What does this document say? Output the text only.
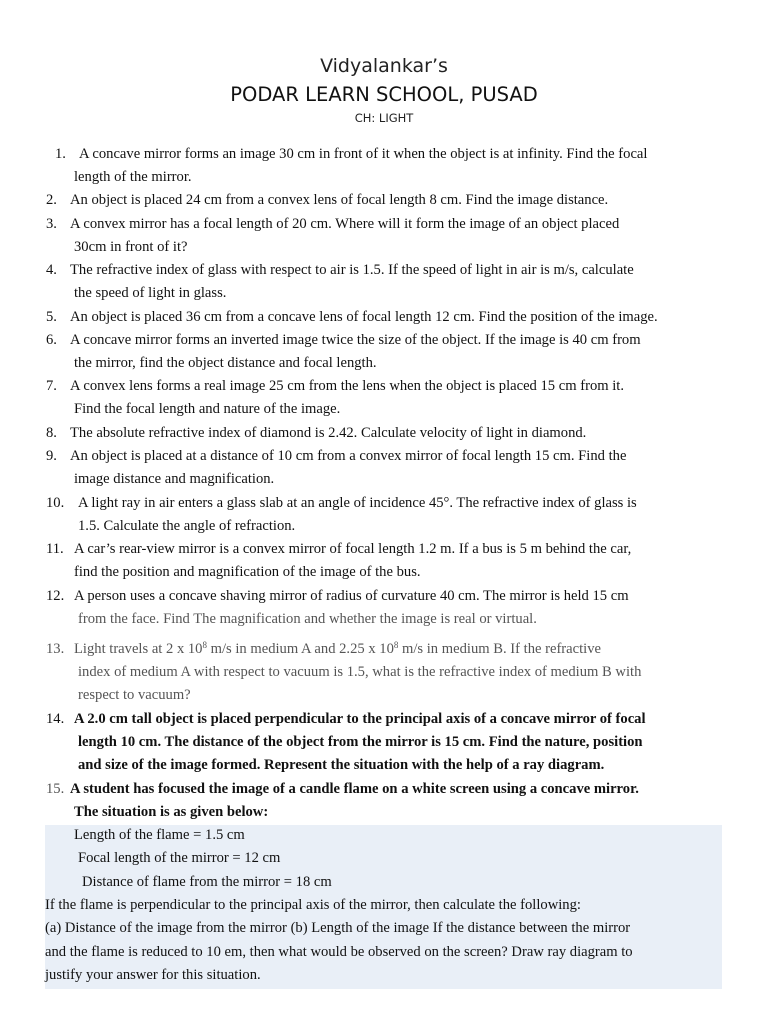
Vidyalankar’s
PODAR LEARN SCHOOL, PUSAD
CH: LIGHT
1. A concave mirror forms an image 30 cm in front of it when the object is at infinity. Find the focal
length of the mirror.
2. An object is placed 24 cm from a convex lens of focal length 8 cm. Find the image distance.
3. A convex mirror has a focal length of 20 cm. Where will it form the image of an object placed
30cm in front of it?
4. The refractive index of glass with respect to air is 1.5. If the speed of light in air is m/s, calculate
the speed of light in glass.
5. An object is placed 36 cm from a concave lens of focal length 12 cm. Find the position of the image.
6. A concave mirror forms an inverted image twice the size of the object. If the image is 40 cm from
the mirror, find the object distance and focal length.
7. A convex lens forms a real image 25 cm from the lens when the object is placed 15 cm from it.
Find the focal length and nature of the image.
8. The absolute refractive index of diamond is 2.42. Calculate velocity of light in diamond.
9. An object is placed at a distance of 10 cm from a convex mirror of focal length 15 cm. Find the
image distance and magnification.
10. A light ray in air enters a glass slab at an angle of incidence 45°. The refractive index of glass is
1.5. Calculate the angle of refraction.
11. A car’s rear-view mirror is a convex mirror of focal length 1.2 m. If a bus is 5 m behind the car,
find the position and magnification of the image of the bus.
12. A person uses a concave shaving mirror of radius of curvature 40 cm. The mirror is held 15 cm
from the face. Find The magnification and whether the image is real or virtual.
13. Light travels at 2 x $10^8$ m/s in medium A and 2.25 x $10^8$ m/s in medium B. If the refractive
index of medium A with respect to vacuum is 1.5, what is the refractive index of medium B with
respect to vacuum?
14. A 2.0 cm tall object is placed perpendicular to the principal axis of a concave mirror of focal
length 10 cm. The distance of the object from the mirror is 15 cm. Find the nature, position
and size of the image formed. Represent the situation with the help of a ray diagram.
15. A student has focused the image of a candle flame on a white screen using a concave mirror.
The situation is as given below:
Length of the flame = 1.5 cm
Focal length of the mirror = 12 cm
Distance of flame from the mirror = 18 cm
If the flame is perpendicular to the principal axis of the mirror, then calculate the following:
(a) Distance of the image from the mirror (b) Length of the image If the distance between the mirror
and the flame is reduced to 10 em, then what would be observed on the screen? Draw ray diagram to
justify your answer for this situation.
